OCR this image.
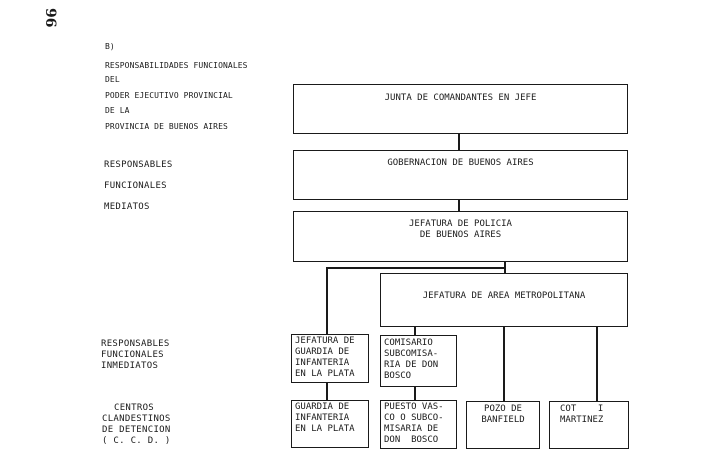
96
B)
RESPONSABILIDADES FUNCIONALES
DEL
PODER EJECUTIVO PROVINCIAL
DE LA
PROVINCIA DE BUENOS AIRES
RESPONSABLES
FUNCIONALES
MEDIATOS
RESPONSABLES
FUNCIONALES
INMEDIATOS
CENTROS
CLANDESTINOS
DE DETENCION
( C. C. D. )
JUNTA DE COMANDANTES EN JEFE
GOBERNACION DE BUENOS AIRES
JEFATURA DE POLICIA
DE BUENOS AIRES
JEFATURA DE AREA METROPOLITANA
JEFATURA DE
GUARDIA DE
INFANTERIA
EN LA PLATA
COMISARIO
SUBCOMISA-
RIA DE DON
BOSCO
GUARDIA DE
INFANTERIA
EN LA PLATA
PUESTO VAS-
CO O SUBCO-
MISARIA DE
DON  BOSCO
POZO DE
BANFIELD
COT    I
MARTINEZ
